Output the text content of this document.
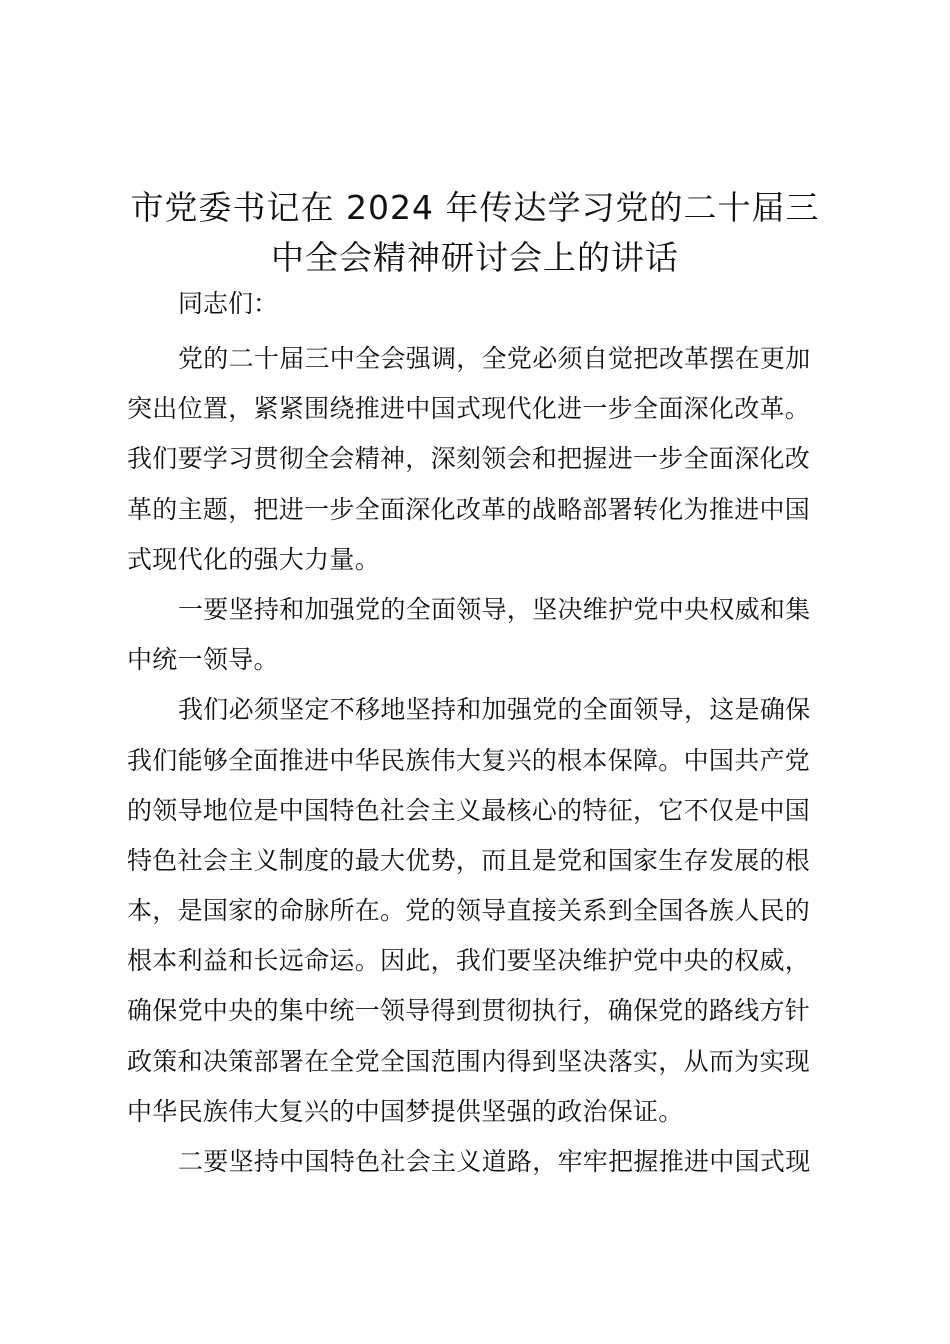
市党委书记在 2024 年传达学习党的二十届三
中全会精神研讨会上的讲话

同志们：

党的二十届三中全会强调，全党必须自觉把改革摆在更加
突出位置，紧紧围绕推进中国式现代化进一步全面深化改革。
我们要学习贯彻全会精神，深刻领会和把握进一步全面深化改
革的主题，把进一步全面深化改革的战略部署转化为推进中国
式现代化的强大力量。
一要坚持和加强党的全面领导，坚决维护党中央权威和集
中统一领导。
我们必须坚定不移地坚持和加强党的全面领导，这是确保
我们能够全面推进中华民族伟大复兴的根本保障。中国共产党
的领导地位是中国特色社会主义最核心的特征，它不仅是中国
特色社会主义制度的最大优势，而且是党和国家生存发展的根
本，是国家的命脉所在。党的领导直接关系到全国各族人民的
根本利益和长远命运。因此，我们要坚决维护党中央的权威，
确保党中央的集中统一领导得到贯彻执行，确保党的路线方针
政策和决策部署在全党全国范围内得到坚决落实，从而为实现
中华民族伟大复兴的中国梦提供坚强的政治保证。
二要坚持中国特色社会主义道路，牢牢把握推进中国式现
